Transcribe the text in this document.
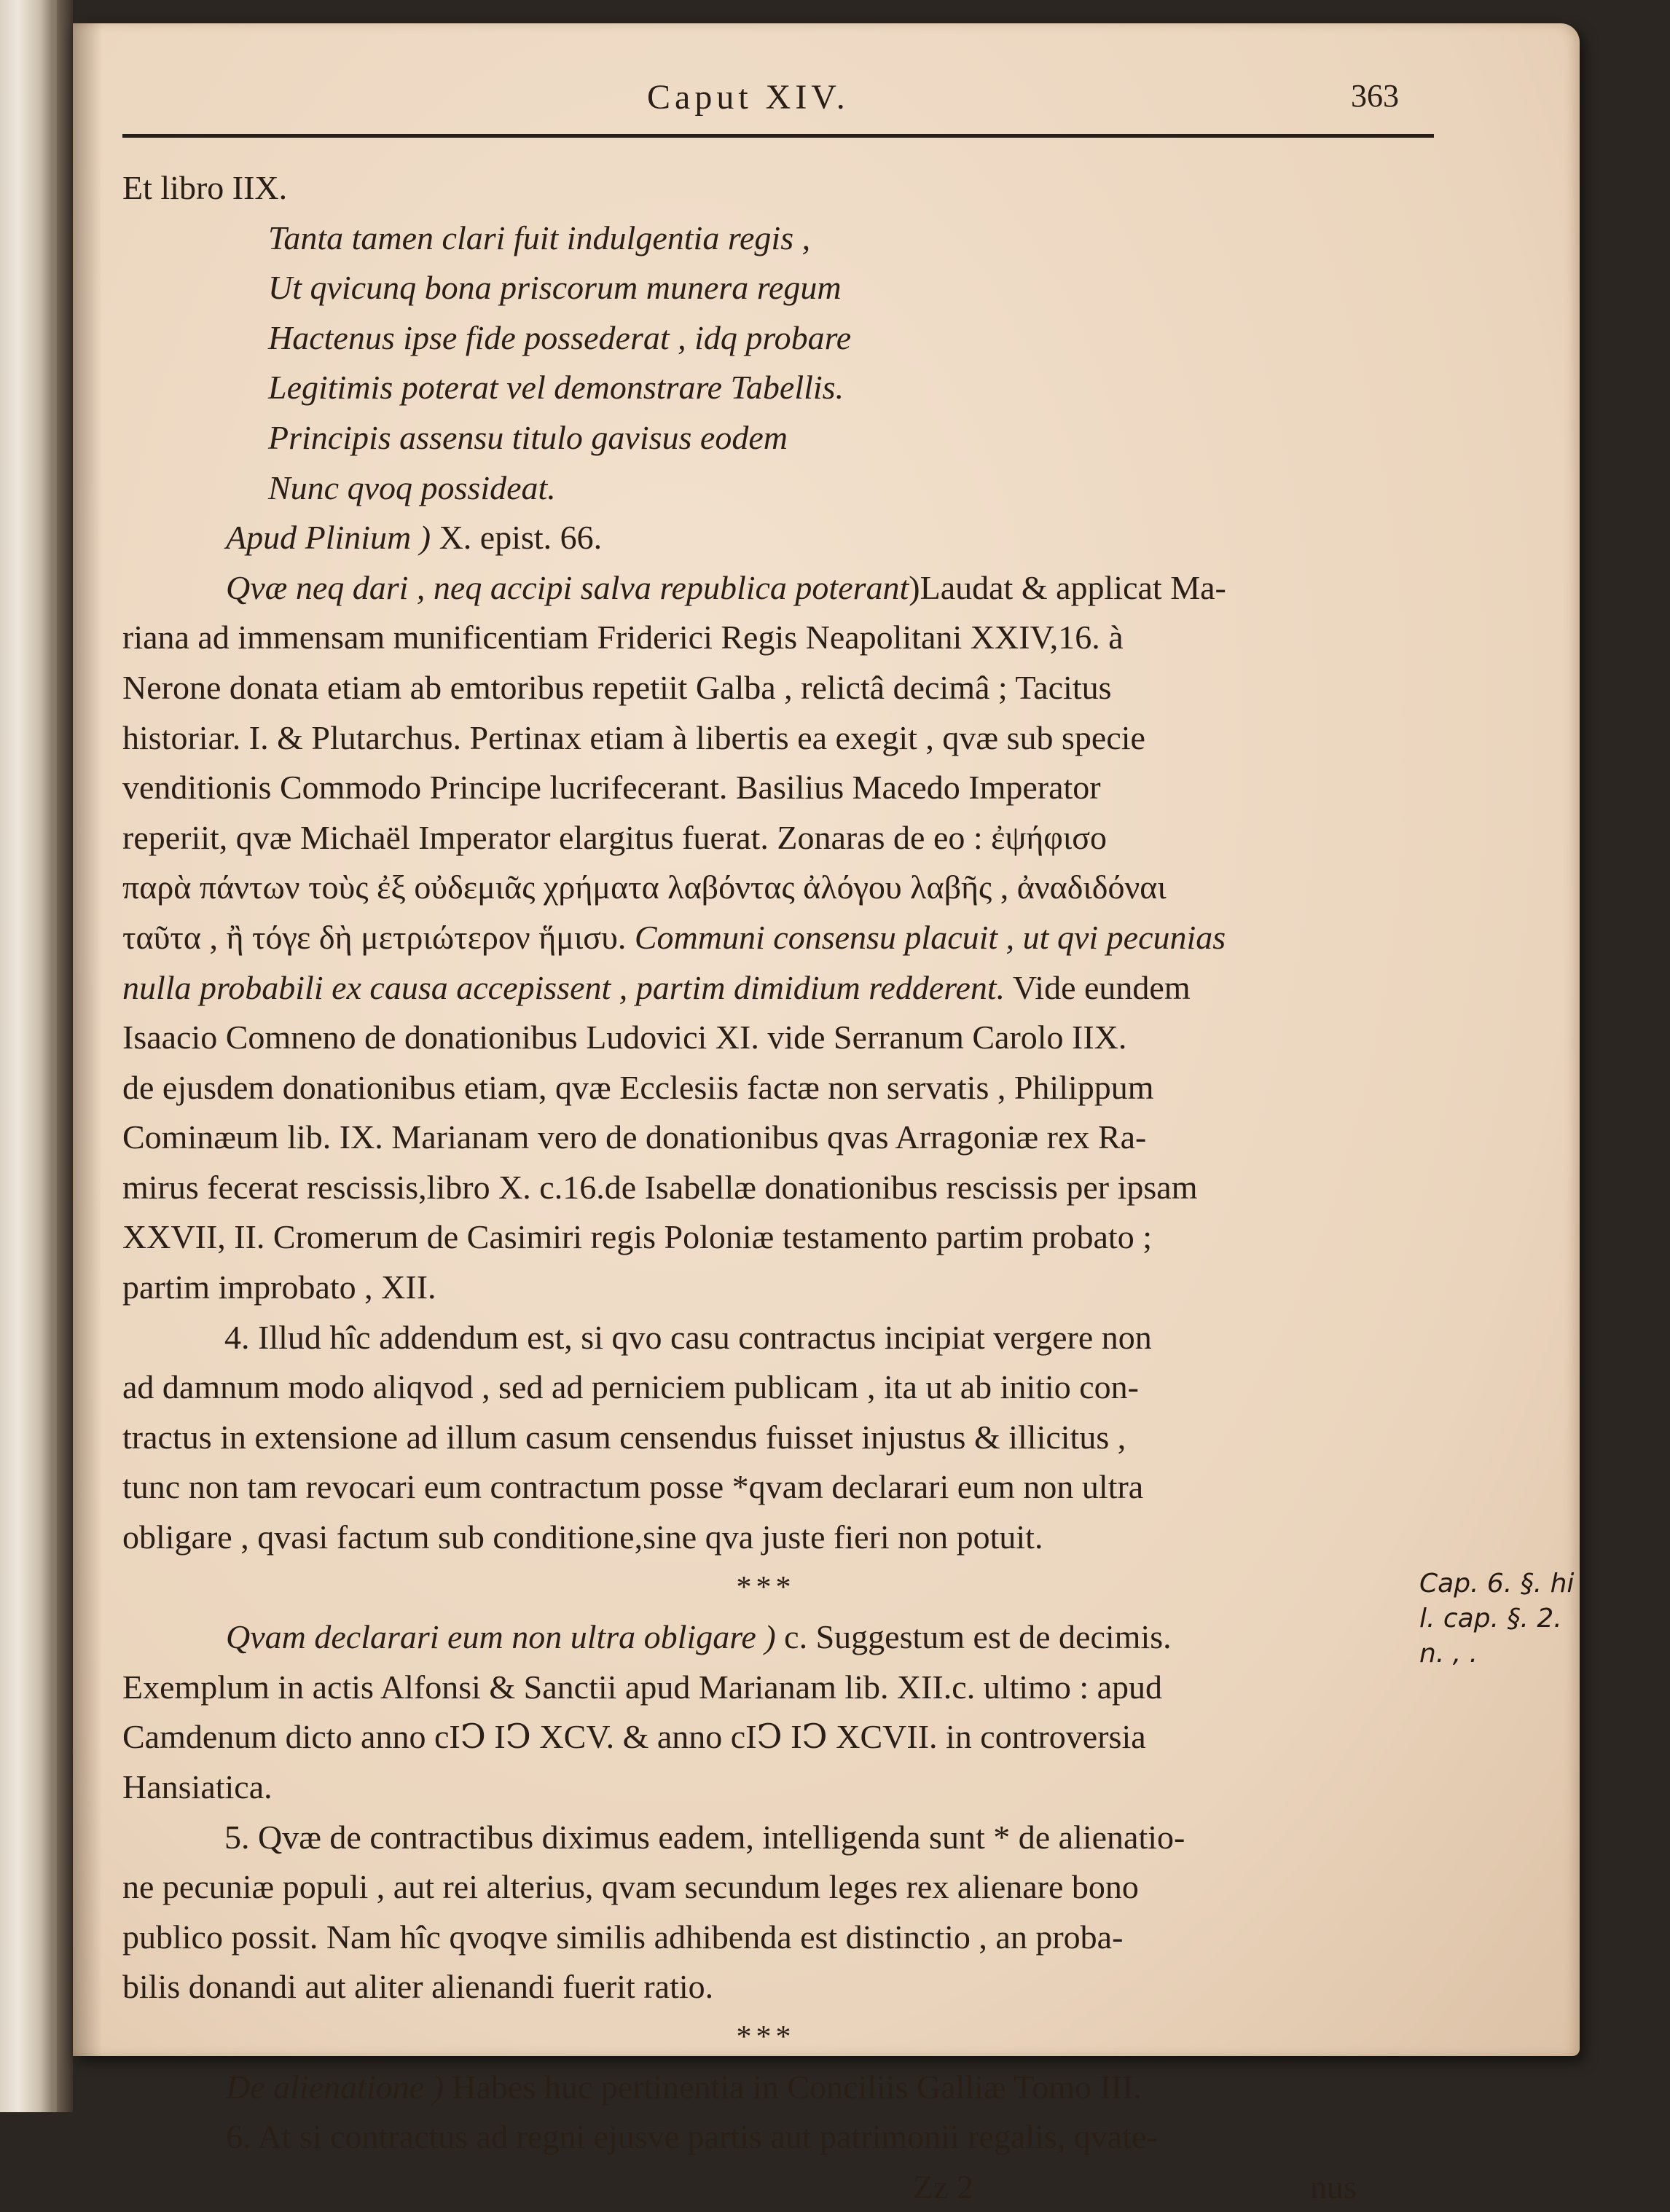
Caput XIV.	363
Et libro IIX.
Tanta tamen clari fuit indulgentia regis ,
Ut qvicunq bona priscorum munera regum
Hactenus ipse fide possederat , idq probare
Legitimis poterat vel demonstrare Tabellis.
Principis assensu titulo gavisus eodem
Nunc qvoq possideat.
Apud Plinium ) X. epist. 66.
Qvæ neq dari , neq accipi salva republica poterant)Laudat & applicat Ma-
riana ad immensam munificentiam Friderici Regis Neapolitani XXIV,16. à
Nerone donata etiam ab emtoribus repetiit Galba , relictâ decimâ ; Tacitus
historiar. I. & Plutarchus. Pertinax etiam à libertis ea exegit , qvæ sub specie
venditionis Commodo Principe lucrifecerant. Basilius Macedo Imperator
reperiit, qvæ Michaël Imperator elargitus fuerat. Zonaras de eo : ἐψήφισο
παρὰ πάντων τοὺς ἐξ οὐδεμιᾶς χρήματα λαβόντας ἀλόγου λαβῆς , ἀναδιδόναι
ταῦτα , ἢ τόγε δὴ μετριώτερον ἥμισυ. Communi consensu placuit , ut qvi pecunias
nulla probabili ex causa accepissent , partim dimidium redderent. Vide eundem
Isaacio Comneno de donationibus Ludovici XI. vide Serranum Carolo IIX.
de ejusdem donationibus etiam, qvæ Ecclesiis factæ non servatis , Philippum
Cominæum lib. IX. Marianam vero de donationibus qvas Arragoniæ rex Ra-
mirus fecerat rescissis,libro X. c.16.de Isabellæ donationibus rescissis per ipsam
XXVII, II. Cromerum de Casimiri regis Poloniæ testamento partim probato ;
partim improbato , XII.
4. Illud hîc addendum est, si qvo casu contractus incipiat vergere non
ad damnum modo aliqvod , sed ad perniciem publicam , ita ut ab initio con-
tractus in extensione ad illum casum censendus fuisset injustus & illicitus ,
tunc non tam revocari eum contractum posse *qvam declarari eum non ultra
obligare , qvasi factum sub conditione,sine qva juste fieri non potuit.
***
Qvam declarari eum non ultra obligare ) c. Suggestum est de decimis.
Exemplum in actis Alfonsi & Sanctii apud Marianam lib. XII.c. ultimo : apud
Camdenum dicto anno cIↃ IↃ XCV. & anno cIↃ IↃ XCVII. in controversia
Hansiatica.
5. Qvæ de contractibus diximus eadem, intelligenda sunt * de alienatio-
ne pecuniæ populi , aut rei alterius, qvam secundum leges rex alienare bono
publico possit. Nam hîc qvoqve similis adhibenda est distinctio , an proba-
bilis donandi aut aliter alienandi fuerit ratio.
***
De alienatione ) Habes huc pertinentia in Conciliis Galliæ Tomo III.
6. At si contractus ad regni ejusve partis aut patrimonii regalis, qvate-
Zz 2	nus
Cap. 6. §. hi
l. cap. §. 2.
n. , .
